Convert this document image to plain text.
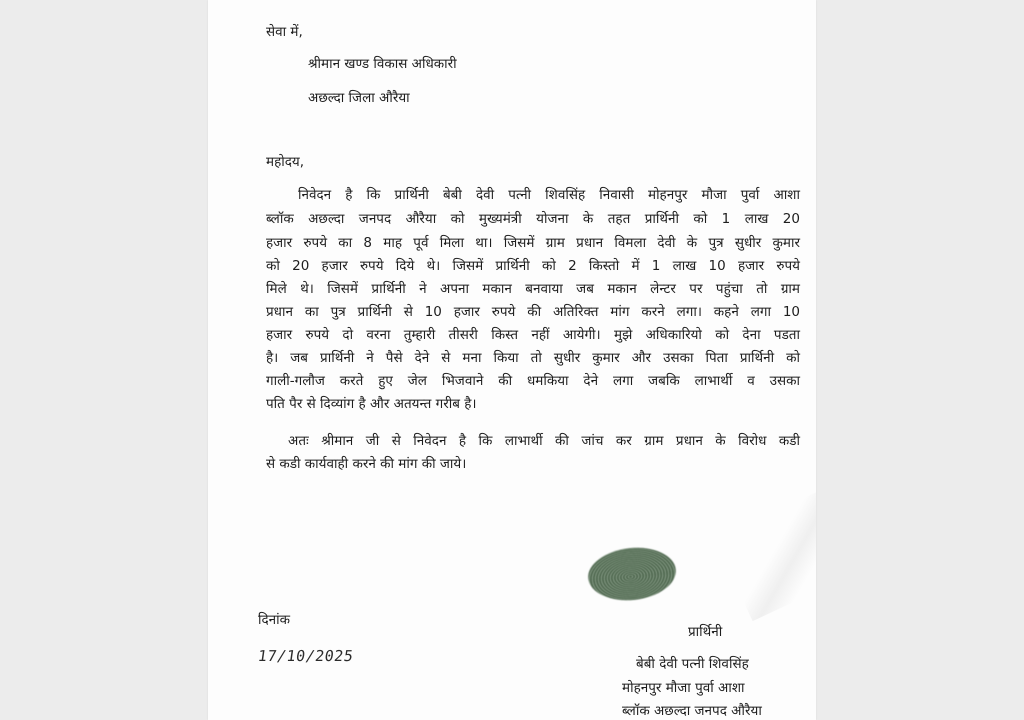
सेवा में,

श्रीमान खण्ड विकास अधिकारी

अछल्दा जिला औरैया

महोदय,

निवेदन है कि प्रार्थिनी बेबी देवी पत्नी शिवसिंह निवासी मोहनपुर मौजा पुर्वा आशा

ब्लॉक अछल्दा जनपद औरैया को मुख्यमंत्री योजना के तहत प्रार्थिनी को 1 लाख 20

हजार रुपये का 8 माह पूर्व मिला था। जिसमें ग्राम प्रधान विमला देवी के पुत्र सुधीर कुमार

को 20 हजार रुपये दिये थे। जिसमें प्रार्थिनी को 2 किस्तो में 1 लाख 10 हजार रुपये

मिले थे। जिसमें प्रार्थिनी ने अपना मकान बनवाया जब मकान लेन्टर पर पहुंचा तो ग्राम

प्रधान का पुत्र प्रार्थिनी से 10 हजार रुपये की अतिरिक्त मांग करने लगा। कहने लगा 10

हजार रुपये दो वरना तुम्हारी तीसरी किस्त नहीं आयेगी। मुझे अधिकारियो को देना पडता

है। जब प्रार्थिनी ने पैसे देने से मना किया तो सुधीर कुमार और उसका पिता प्रार्थिनी को

गाली-गलौज करते हुए जेल भिजवाने की धमकिया देने लगा जबकि लाभार्थी व उसका

पति पैर से दिव्यांग है और अतयन्त गरीब है।

अतः श्रीमान जी से निवेदन है कि लाभार्थी की जांच कर ग्राम प्रधान के विरोध कडी

से कडी कार्यवाही करने की मांग की जाये।

दिनांक

17/10/2025

प्रार्थिनी

बेबी देवी पत्नी शिवसिंह

मोहनपुर मौजा पुर्वा आशा

ब्लॉक अछल्दा जनपद औरैया
